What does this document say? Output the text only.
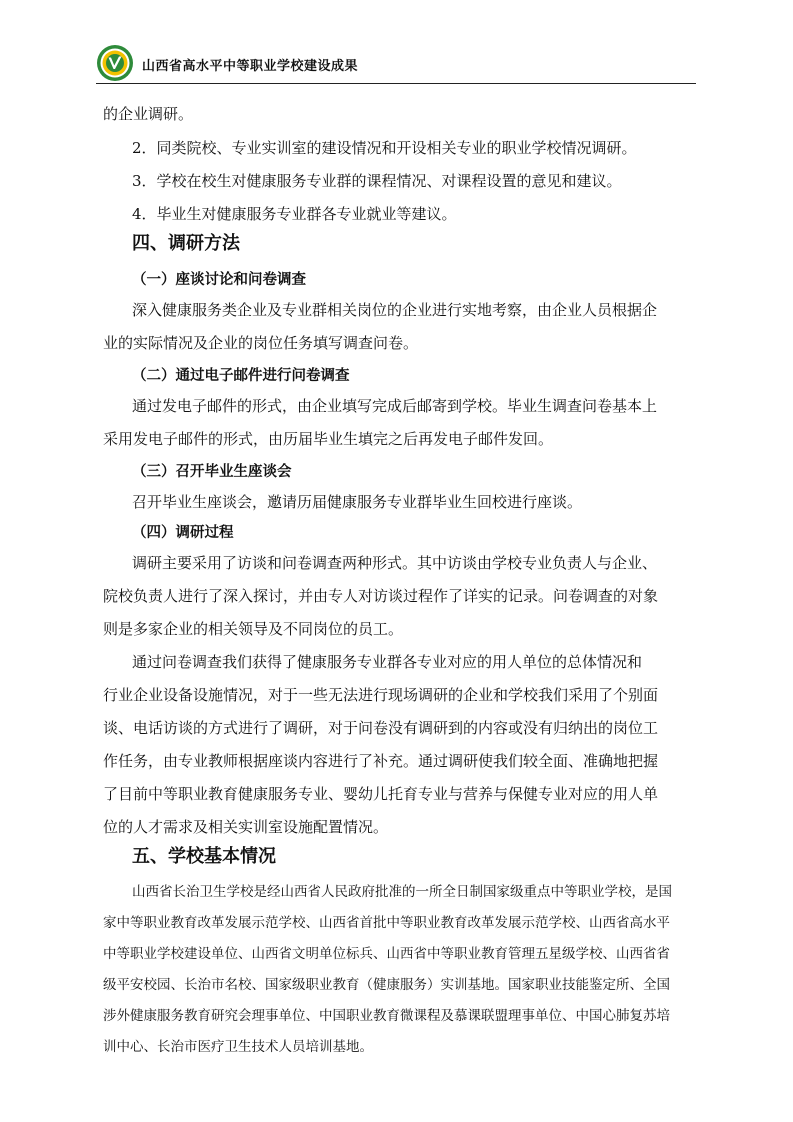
山西省高水平中等职业学校建设成果
的企业调研。
2．同类院校、专业实训室的建设情况和开设相关专业的职业学校情况调研。
3．学校在校生对健康服务专业群的课程情况、对课程设置的意见和建议。
4．毕业生对健康服务专业群各专业就业等建议。
四、调研方法
（一）座谈讨论和问卷调查
深入健康服务类企业及专业群相关岗位的企业进行实地考察，由企业人员根据企
业的实际情况及企业的岗位任务填写调查问卷。
（二）通过电子邮件进行问卷调查
通过发电子邮件的形式，由企业填写完成后邮寄到学校。毕业生调查问卷基本上
采用发电子邮件的形式，由历届毕业生填完之后再发电子邮件发回。
（三）召开毕业生座谈会
召开毕业生座谈会，邀请历届健康服务专业群毕业生回校进行座谈。
（四）调研过程
调研主要采用了访谈和问卷调查两种形式。其中访谈由学校专业负责人与企业、
院校负责人进行了深入探讨，并由专人对访谈过程作了详实的记录。问卷调查的对象
则是多家企业的相关领导及不同岗位的员工。
通过问卷调查我们获得了健康服务专业群各专业对应的用人单位的总体情况和
行业企业设备设施情况，对于一些无法进行现场调研的企业和学校我们采用了个别面
谈、电话访谈的方式进行了调研，对于问卷没有调研到的内容或没有归纳出的岗位工
作任务，由专业教师根据座谈内容进行了补充。通过调研使我们较全面、准确地把握
了目前中等职业教育健康服务专业、婴幼儿托育专业与营养与保健专业对应的用人单
位的人才需求及相关实训室设施配置情况。
五、学校基本情况
山西省长治卫生学校是经山西省人民政府批准的一所全日制国家级重点中等职业学校，是国
家中等职业教育改革发展示范学校、山西省首批中等职业教育改革发展示范学校、山西省高水平
中等职业学校建设单位、山西省文明单位标兵、山西省中等职业教育管理五星级学校、山西省省
级平安校园、长治市名校、国家级职业教育（健康服务）实训基地。国家职业技能鉴定所、全国
涉外健康服务教育研究会理事单位、中国职业教育微课程及慕课联盟理事单位、中国心肺复苏培
训中心、长治市医疗卫生技术人员培训基地。
